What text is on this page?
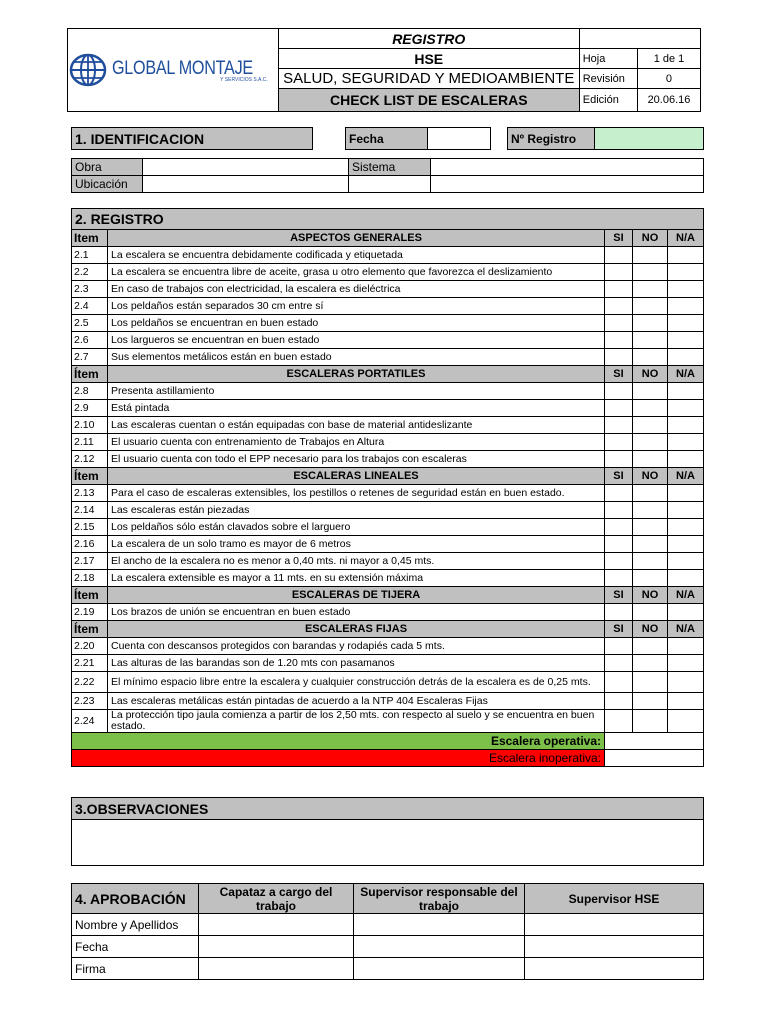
GLOBAL MONTAJE
Y SERVICIOS S.A.C.	REGISTRO		
	HSE	Hoja	1 de 1
	SALUD, SEGURIDAD Y MEDIOAMBIENTE	Revisión	0
	CHECK LIST DE ESCALERAS	Edición	20.06.16
1. IDENTIFICACION		Fecha			Nº Registro	
Obra		Sistema	
Ubicación			
2. REGISTRO				
Item	ASPECTOS GENERALES	SI	NO	N/A
2.1	La escalera se encuentra debidamente codificada y etiquetada			
2.2	La escalera se encuentra libre de aceite, grasa u otro elemento que favorezca el deslizamiento			
2.3	En caso de trabajos con electricidad, la escalera es dieléctrica			
2.4	Los peldaños están separados 30 cm entre sí			
2.5	Los peldaños se encuentran en buen estado			
2.6	Los largueros se encuentran en buen estado			
2.7	Sus elementos metálicos están en buen estado			
Ítem	ESCALERAS PORTATILES	SI	NO	N/A
2.8	Presenta astillamiento			
2.9	Está pintada			
2.10	Las escaleras cuentan o están equipadas con base de material antideslizante			
2.11	El usuario cuenta con entrenamiento de Trabajos en Altura			
2.12	El usuario cuenta con todo el EPP necesario para los trabajos con escaleras			
Ítem	ESCALERAS LINEALES	SI	NO	N/A
2.13	Para el caso de escaleras extensibles, los pestillos o retenes de seguridad están en buen estado.			
2.14	Las escaleras están piezadas			
2.15	Los peldaños sólo están clavados sobre el larguero			
2.16	La escalera de un solo tramo es mayor de 6 metros			
2.17	El ancho de la escalera no es menor a 0,40 mts. ni mayor a 0,45 mts.			
2.18	La escalera extensible es mayor a 11 mts. en su extensión máxima			
Ítem	ESCALERAS DE TIJERA	SI	NO	N/A
2.19	Los brazos de unión se encuentran en buen estado			
Ítem	ESCALERAS FIJAS	SI	NO	N/A
2.20	Cuenta con descansos protegidos con barandas y rodapiés cada 5 mts.			
2.21	Las alturas de las barandas son de 1.20 mts con pasamanos			
2.22	El mínimo espacio libre entre la escalera y cualquier construcción detrás de la escalera es de 0,25 mts.			
2.23	Las escaleras metálicas están pintadas de acuerdo a la NTP 404 Escaleras Fijas			
2.24	La protección tipo jaula comienza a partir de los 2,50 mts. con respecto al suelo y se encuentra en buen estado.			
Escalera operativa:				
Escalera inoperativa:				
3.OBSERVACIONES

4. APROBACIÓN	Capataz a cargo del trabajo	Supervisor responsable del trabajo	Supervisor HSE
Nombre y Apellidos			
Fecha			
Firma			
